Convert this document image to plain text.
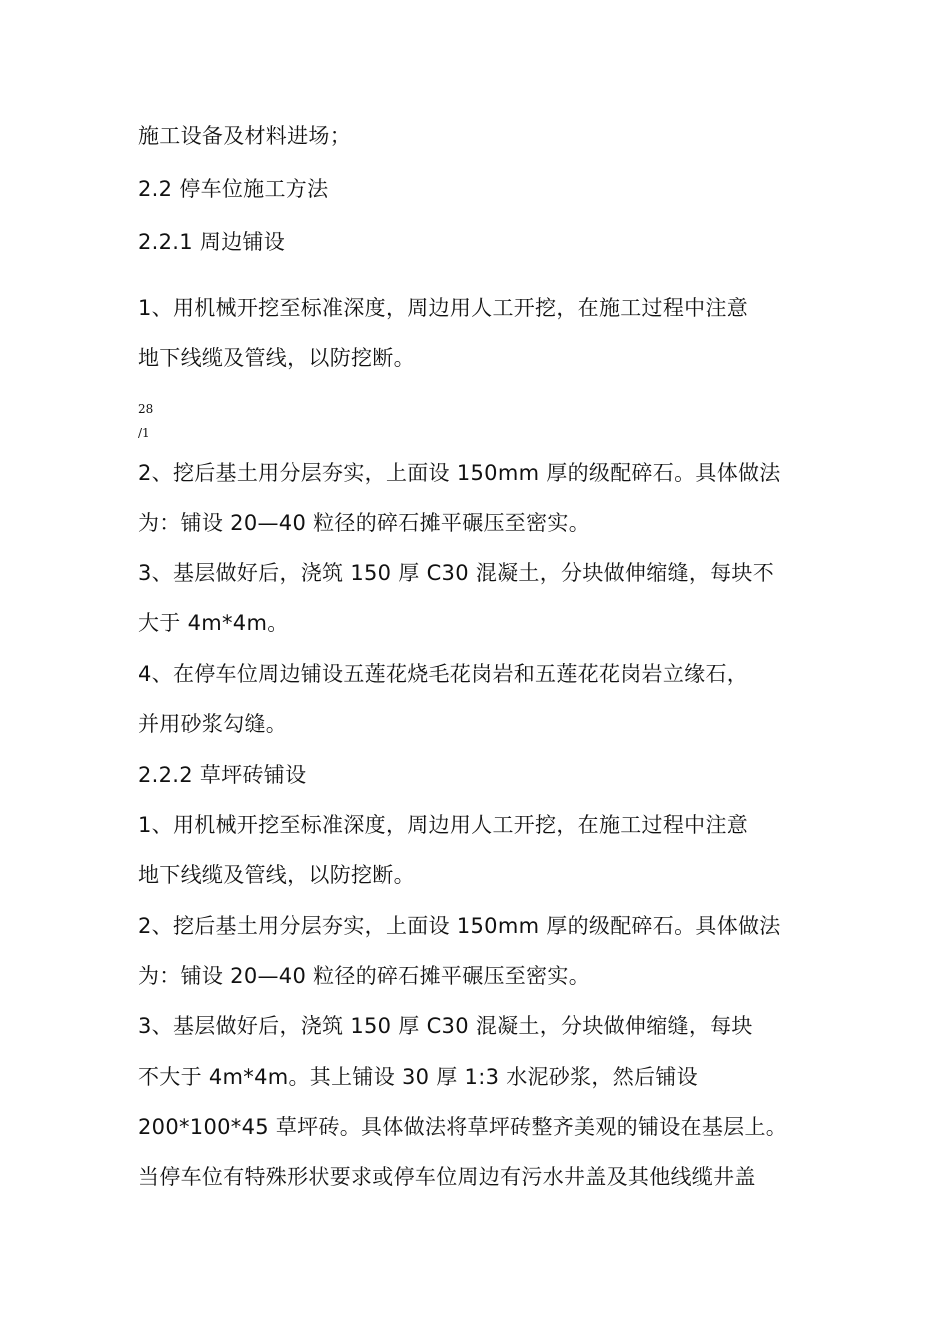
施工设备及材料进场；
2.2 停车位施工方法
2.2.1 周边铺设
1、用机械开挖至标准深度，周边用人工开挖，在施工过程中注意
地下线缆及管线，以防挖断。
28
/1
2、挖后基土用分层夯实，上面设 150mm 厚的级配碎石。具体做法
为：铺设 20—40 粒径的碎石摊平碾压至密实。
3、基层做好后，浇筑 150 厚 C30 混凝土，分块做伸缩缝，每块不
大于 4m*4m。
4、在停车位周边铺设五莲花烧毛花岗岩和五莲花花岗岩立缘石，
并用砂浆勾缝。
2.2.2 草坪砖铺设
1、用机械开挖至标准深度，周边用人工开挖，在施工过程中注意
地下线缆及管线，以防挖断。
2、挖后基土用分层夯实，上面设 150mm 厚的级配碎石。具体做法
为：铺设 20—40 粒径的碎石摊平碾压至密实。
3、基层做好后，浇筑 150 厚 C30 混凝土，分块做伸缩缝，每块
不大于 4m*4m。其上铺设 30 厚 1:3 水泥砂浆，然后铺设
200*100*45 草坪砖。具体做法将草坪砖整齐美观的铺设在基层上。
当停车位有特殊形状要求或停车位周边有污水井盖及其他线缆井盖
